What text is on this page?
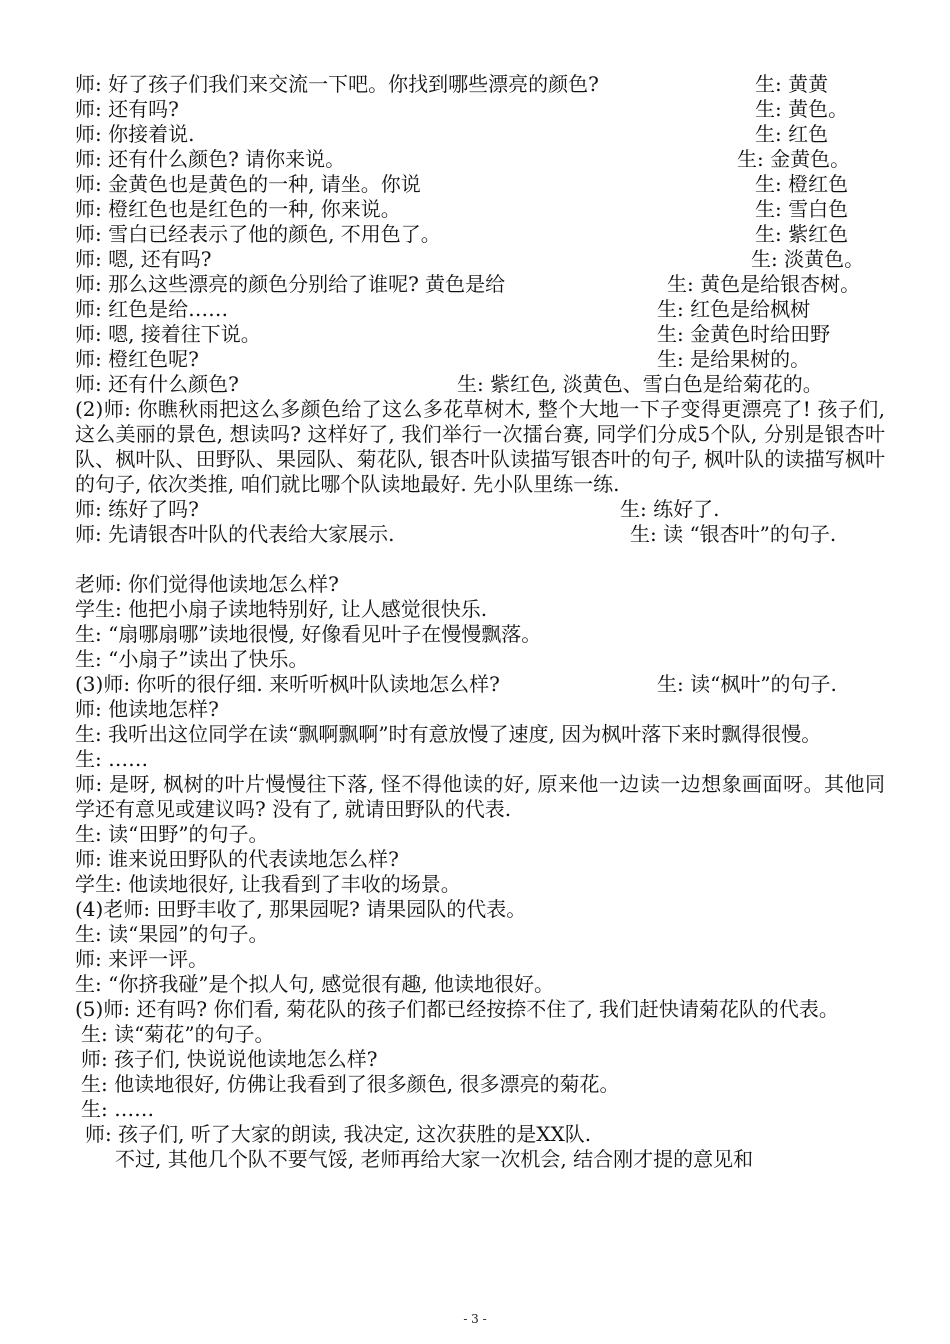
师: 好了孩子们我们来交流一下吧。你找到哪些漂亮的颜色?	生: 黄黄
师: 还有吗?	生: 黄色。
师: 你接着说.	生: 红色
师: 还有什么颜色? 请你来说。	生: 金黄色。
师: 金黄色也是黄色的一种, 请坐。你说	生: 橙红色
师: 橙红色也是红色的一种, 你来说。	生: 雪白色
师: 雪白已经表示了他的颜色, 不用色了。	生: 紫红色
师: 嗯, 还有吗?	生: 淡黄色。
师: 那么这些漂亮的颜色分别给了谁呢? 黄色是给	生: 黄色是给银杏树。
师: 红色是给……	生: 红色是给枫树
师: 嗯, 接着往下说。	生: 金黄色时给田野
师: 橙红色呢?	生: 是给果树的。
师: 还有什么颜色?	生: 紫红色, 淡黄色、雪白色是给菊花的。
(2)师: 你瞧秋雨把这么多颜色给了这么多花草树木, 整个大地一下子变得更漂亮了! 孩子们, 这么美丽的景色, 想读吗? 这样好了, 我们举行一次擂台赛, 同学们分成5个队, 分别是银杏叶队、枫叶队、田野队、果园队、菊花队, 银杏叶队读描写银杏叶的句子, 枫叶队的读描写枫叶的句子, 依次类推, 咱们就比哪个队读地最好. 先小队里练一练.
师: 练好了吗?	生: 练好了.
师: 先请银杏叶队的代表给大家展示.	生: 读 “银杏叶”的句子.
老师: 你们觉得他读地怎么样?
学生: 他把小扇子读地特别好, 让人感觉很快乐.
生: “扇哪扇哪”读地很慢, 好像看见叶子在慢慢飘落。
生: “小扇子”读出了快乐。
(3)师: 你听的很仔细. 来听听枫叶队读地怎么样?	生: 读“枫叶”的句子.
师: 他读地怎样?
生: 我听出这位同学在读“飘啊飘啊”时有意放慢了速度, 因为枫叶落下来时飘得很慢。
生: ……
师: 是呀, 枫树的叶片慢慢往下落, 怪不得他读的好, 原来他一边读一边想象画面呀。其他同学还有意见或建议吗? 没有了, 就请田野队的代表.
生: 读“田野”的句子。
师: 谁来说田野队的代表读地怎么样?
学生: 他读地很好, 让我看到了丰收的场景。
(4)老师: 田野丰收了, 那果园呢? 请果园队的代表。
生: 读“果园”的句子。
师: 来评一评。
生: “你挤我碰”是个拟人句, 感觉很有趣, 他读地很好。
(5)师: 还有吗? 你们看, 菊花队的孩子们都已经按捺不住了, 我们赶快请菊花队的代表。
生: 读“菊花”的句子。
师: 孩子们, 快说说他读地怎么样?
生: 他读地很好, 仿佛让我看到了很多颜色, 很多漂亮的菊花。
生: ……
师: 孩子们, 听了大家的朗读, 我决定, 这次获胜的是XX队.
不过, 其他几个队不要气馁, 老师再给大家一次机会, 结合刚才提的意见和
- 3 -
